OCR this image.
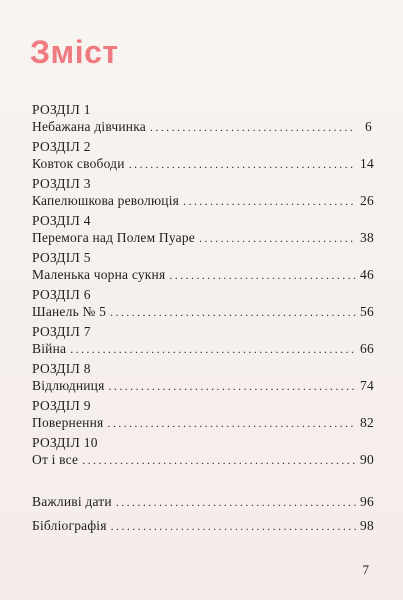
Зміст
РОЗДІЛ 1
Небажана дівчинка .....	6
РОЗДІЛ 2
Ковток свободи .....	14
РОЗДІЛ 3
Капелюшкова революція .....	26
РОЗДІЛ 4
Перемога над Полем Пуаре .....	38
РОЗДІЛ 5
Маленька чорна сукня .....	46
РОЗДІЛ 6
Шанель № 5 .....	56
РОЗДІЛ 7
Війна .....	66
РОЗДІЛ 8
Відлюдниця .....	74
РОЗДІЛ 9
Повернення .....	82
РОЗДІЛ 10
От і все .....	90
Важливі дати .....	96
Бібліографія .....	98
7
